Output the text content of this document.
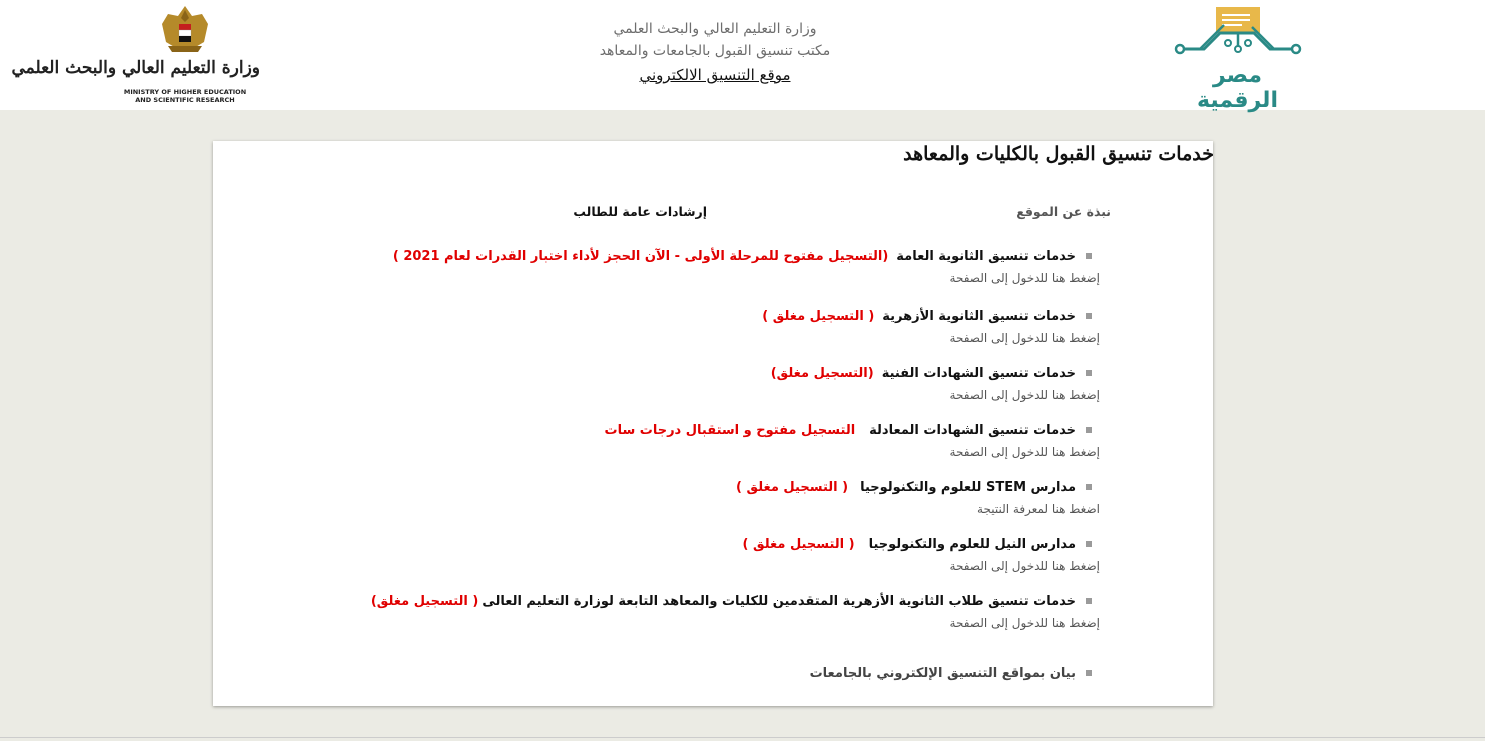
وزارة التعليم العالي والبحث العلمي
MINISTRY OF HIGHER EDUCATION
AND SCIENTIFIC RESEARCH
وزارة التعليم العالي والبحث العلمي
مكتب تنسيق القبول بالجامعات والمعاهد
موقع التنسيق الالكتروني	مصر الرقمية
خدمات تنسيق القبول بالكليات والمعاهد
نبذة عن الموقع
إرشادات عامة للطالب
خدمات تنسيق الثانوية العامة(التسجيل مفتوح للمرحلة الأولى - الآن الحجز لأداء اختبار القدرات لعام 2021 )
إضغط هنا للدخول إلى الصفحة
خدمات تنسيق الثانوية الأزهرية( التسجيل مغلق )
إضغط هنا للدخول إلى الصفحة
خدمات تنسيق الشهادات الفنية(التسجيل مغلق)
إضغط هنا للدخول إلى الصفحة
خدمات تنسيق الشهادات المعادلةالتسجيل مفتوح و استقبال درجات سات
إضغط هنا للدخول إلى الصفحة
مدارس STEM للعلوم والتكنولوجيا( التسجيل مغلق )
اضغط هنا لمعرفة النتيجة
مدارس النيل للعلوم والتكنولوجيا( التسجيل مغلق )
إضغط هنا للدخول إلى الصفحة
خدمات تنسيق طلاب الثانوية الأزهرية المتقدمين للكليات والمعاهد التابعة لوزارة التعليم العالى( التسجيل مغلق)
إضغط هنا للدخول إلى الصفحة
بيان بمواقع التنسيق الإلكتروني بالجامعات
